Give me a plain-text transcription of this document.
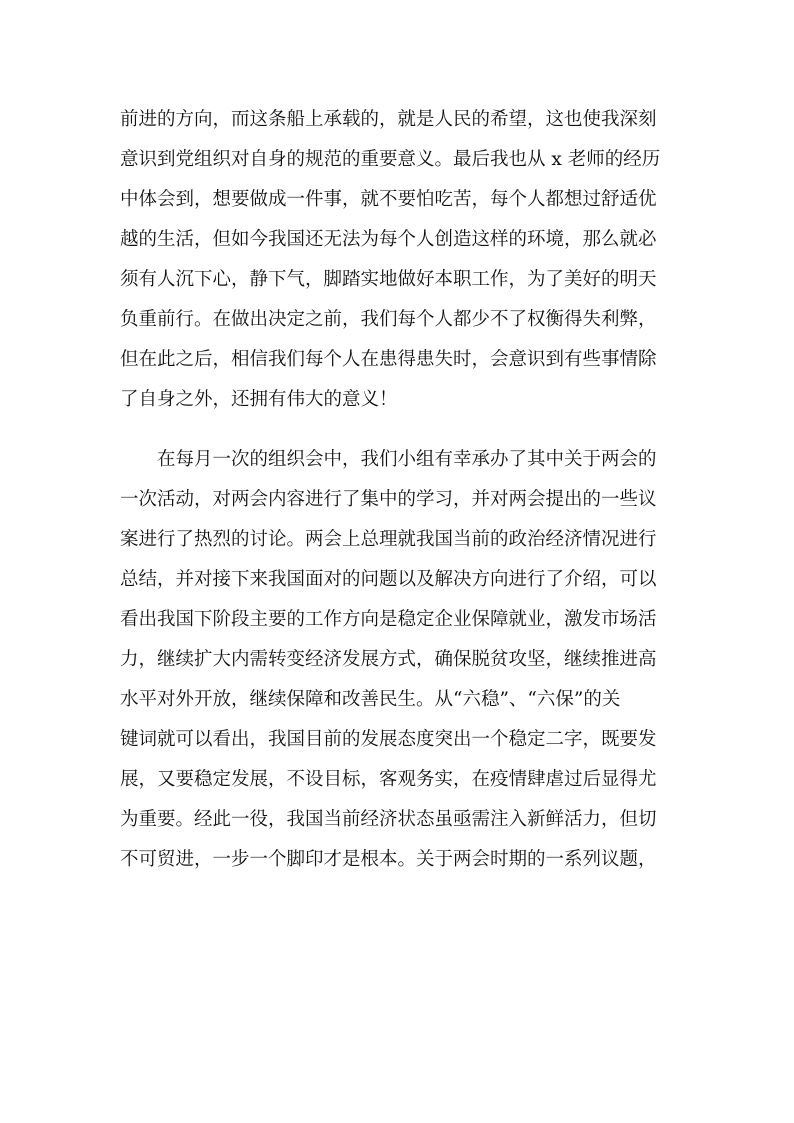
前进的方向，而这条船上承载的，就是人民的希望，这也使我深刻
意识到党组织对自身的规范的重要意义。最后我也从 x 老师的经历
中体会到，想要做成一件事，就不要怕吃苦，每个人都想过舒适优
越的生活，但如今我国还无法为每个人创造这样的环境，那么就必
须有人沉下心，静下气，脚踏实地做好本职工作，为了美好的明天
负重前行。在做出决定之前，我们每个人都少不了权衡得失利弊，
但在此之后，相信我们每个人在患得患失时，会意识到有些事情除
了自身之外，还拥有伟大的意义！
在每月一次的组织会中，我们小组有幸承办了其中关于两会的
一次活动，对两会内容进行了集中的学习，并对两会提出的一些议
案进行了热烈的讨论。两会上总理就我国当前的政治经济情况进行
总结，并对接下来我国面对的问题以及解决方向进行了介绍，可以
看出我国下阶段主要的工作方向是稳定企业保障就业，激发市场活
力，继续扩大内需转变经济发展方式，确保脱贫攻坚，继续推进高
水平对外开放，继续保障和改善民生。从“六稳”、“六保”的关
键词就可以看出，我国目前的发展态度突出一个稳定二字，既要发
展，又要稳定发展，不设目标，客观务实，在疫情肆虐过后显得尤
为重要。经此一役，我国当前经济状态虽亟需注入新鲜活力，但切
不可贸进，一步一个脚印才是根本。关于两会时期的一系列议题，
